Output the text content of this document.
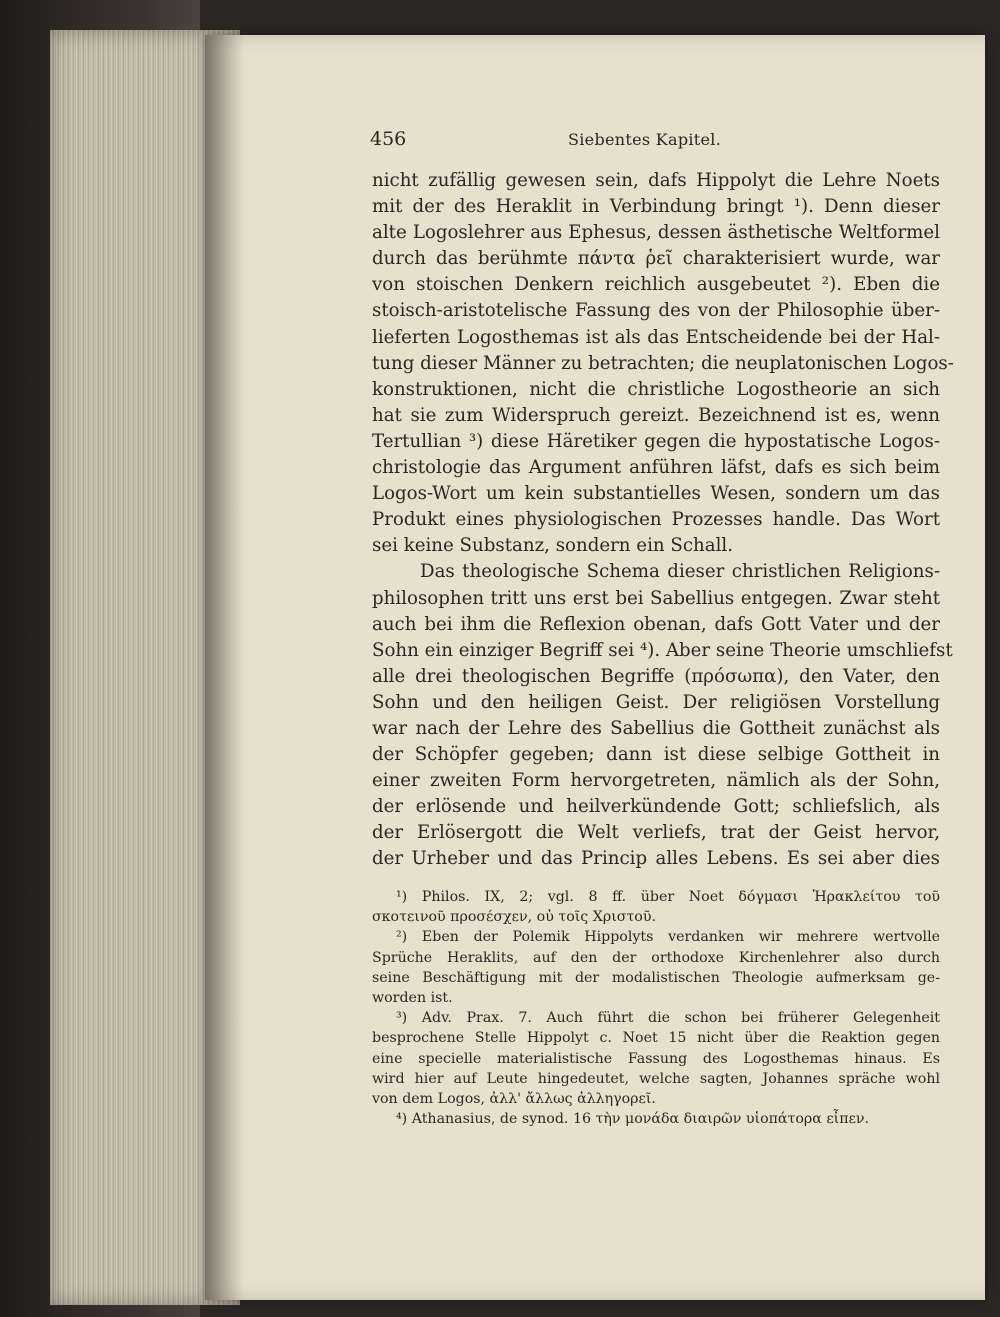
456	Siebentes Kapitel.
nicht zufällig gewesen sein, dafs Hippolyt die Lehre Noets
mit der des Heraklit in Verbindung bringt ¹). Denn dieser
alte Logoslehrer aus Ephesus, dessen ästhetische Weltformel
durch das berühmte πάντα ῥεῖ charakterisiert wurde, war
von stoischen Denkern reichlich ausgebeutet ²). Eben die
stoisch-aristotelische Fassung des von der Philosophie über-
lieferten Logosthemas ist als das Entscheidende bei der Hal-
tung dieser Männer zu betrachten; die neuplatonischen Logos-
konstruktionen, nicht die christliche Logostheorie an sich
hat sie zum Widerspruch gereizt. Bezeichnend ist es, wenn
Tertullian ³) diese Häretiker gegen die hypostatische Logos-
christologie das Argument anführen läfst, dafs es sich beim
Logos-Wort um kein substantielles Wesen, sondern um das
Produkt eines physiologischen Prozesses handle. Das Wort
sei keine Substanz, sondern ein Schall.
Das theologische Schema dieser christlichen Religions-
philosophen tritt uns erst bei Sabellius entgegen. Zwar steht
auch bei ihm die Reflexion obenan, dafs Gott Vater und der
Sohn ein einziger Begriff sei ⁴). Aber seine Theorie umschliefst
alle drei theologischen Begriffe (πρόσωπα), den Vater, den
Sohn und den heiligen Geist. Der religiösen Vorstellung
war nach der Lehre des Sabellius die Gottheit zunächst als
der Schöpfer gegeben; dann ist diese selbige Gottheit in
einer zweiten Form hervorgetreten, nämlich als der Sohn,
der erlösende und heilverkündende Gott; schliefslich, als
der Erlösergott die Welt verliefs, trat der Geist hervor,
der Urheber und das Princip alles Lebens. Es sei aber dies
¹) Philos. IX, 2; vgl. 8 ff. über Noet δόγμασι Ἡρακλείτου τοῦ
σκοτεινοῦ προσέσχεν, οὐ τοῖς Χριστοῦ.
²) Eben der Polemik Hippolyts verdanken wir mehrere wertvolle
Sprüche Heraklits, auf den der orthodoxe Kirchenlehrer also durch
seine Beschäftigung mit der modalistischen Theologie aufmerksam ge-
worden ist.
³) Adv. Prax. 7. Auch führt die schon bei früherer Gelegenheit
besprochene Stelle Hippolyt c. Noet 15 nicht über die Reaktion gegen
eine specielle materialistische Fassung des Logosthemas hinaus. Es
wird hier auf Leute hingedeutet, welche sagten, Johannes spräche wohl
von dem Logos, ἀλλ' ἄλλως ἀλληγορεῖ.
⁴) Athanasius, de synod. 16 τὴν μονάδα διαιρῶν υἱοπάτορα εἶπεν.
